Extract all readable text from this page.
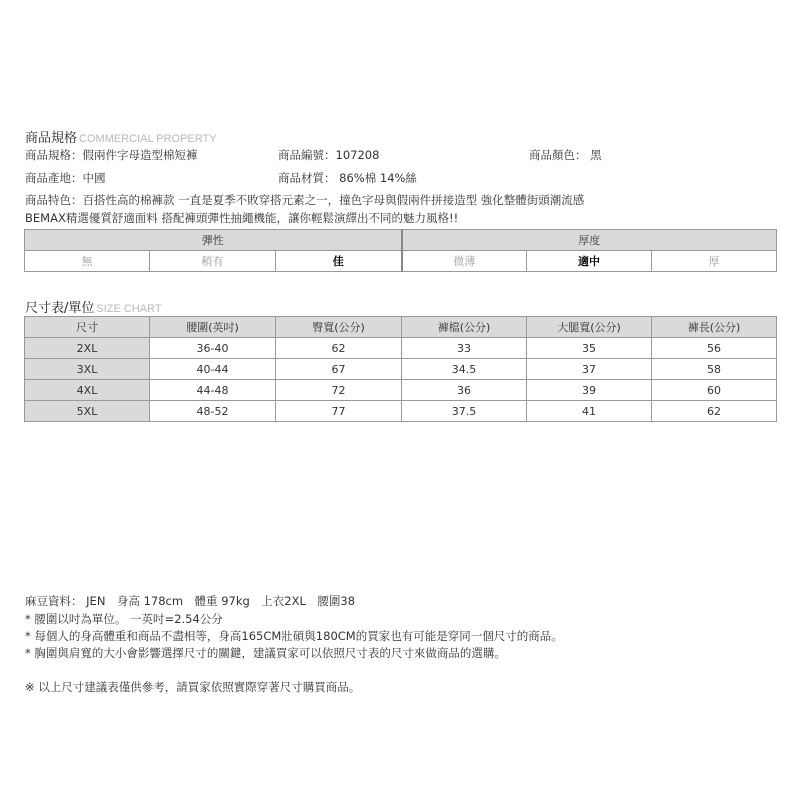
商品規格 COMMERCIAL PROPERTY
商品規格：假兩件字母造型棉短褲	商品編號：107208	商品顏色： 黑
商品產地：中國	商品材質： 86%棉 14%絲
商品特色：百搭性高的棉褲款 一直是夏季不敗穿搭元素之一，撞色字母與假兩件拼接造型 強化整體街頭潮流感
BEMAX精選優質舒適面料 搭配褲頭彈性抽繩機能，讓你輕鬆演繹出不同的魅力風格!!
彈性			厚度		
無	稍有	佳	微薄	適中	厚
尺寸表/單位 SIZE CHART
尺寸	腰圍(英吋)	臀寬(公分)	褲檔(公分)	大腿寬(公分)	褲長(公分)
2XL	36-40	62	33	35	56
3XL	40-44	67	34.5	37	58
4XL	44-48	72	36	39	60
5XL	48-52	77	37.5	41	62
麻豆資料： JEN　身高 178cm　體重 97kg　上衣2XL　腰圍38
* 腰圍以吋為單位。 一英吋=2.54公分
* 每個人的身高體重和商品不盡相等，身高165CM壯碩與180CM的買家也有可能是穿同一個尺寸的商品。
* 胸圍與肩寬的大小會影響選擇尺寸的關鍵，建議買家可以依照尺寸表的尺寸來做商品的選購。
※ 以上尺寸建議表僅供參考，請買家依照實際穿著尺寸購買商品。
